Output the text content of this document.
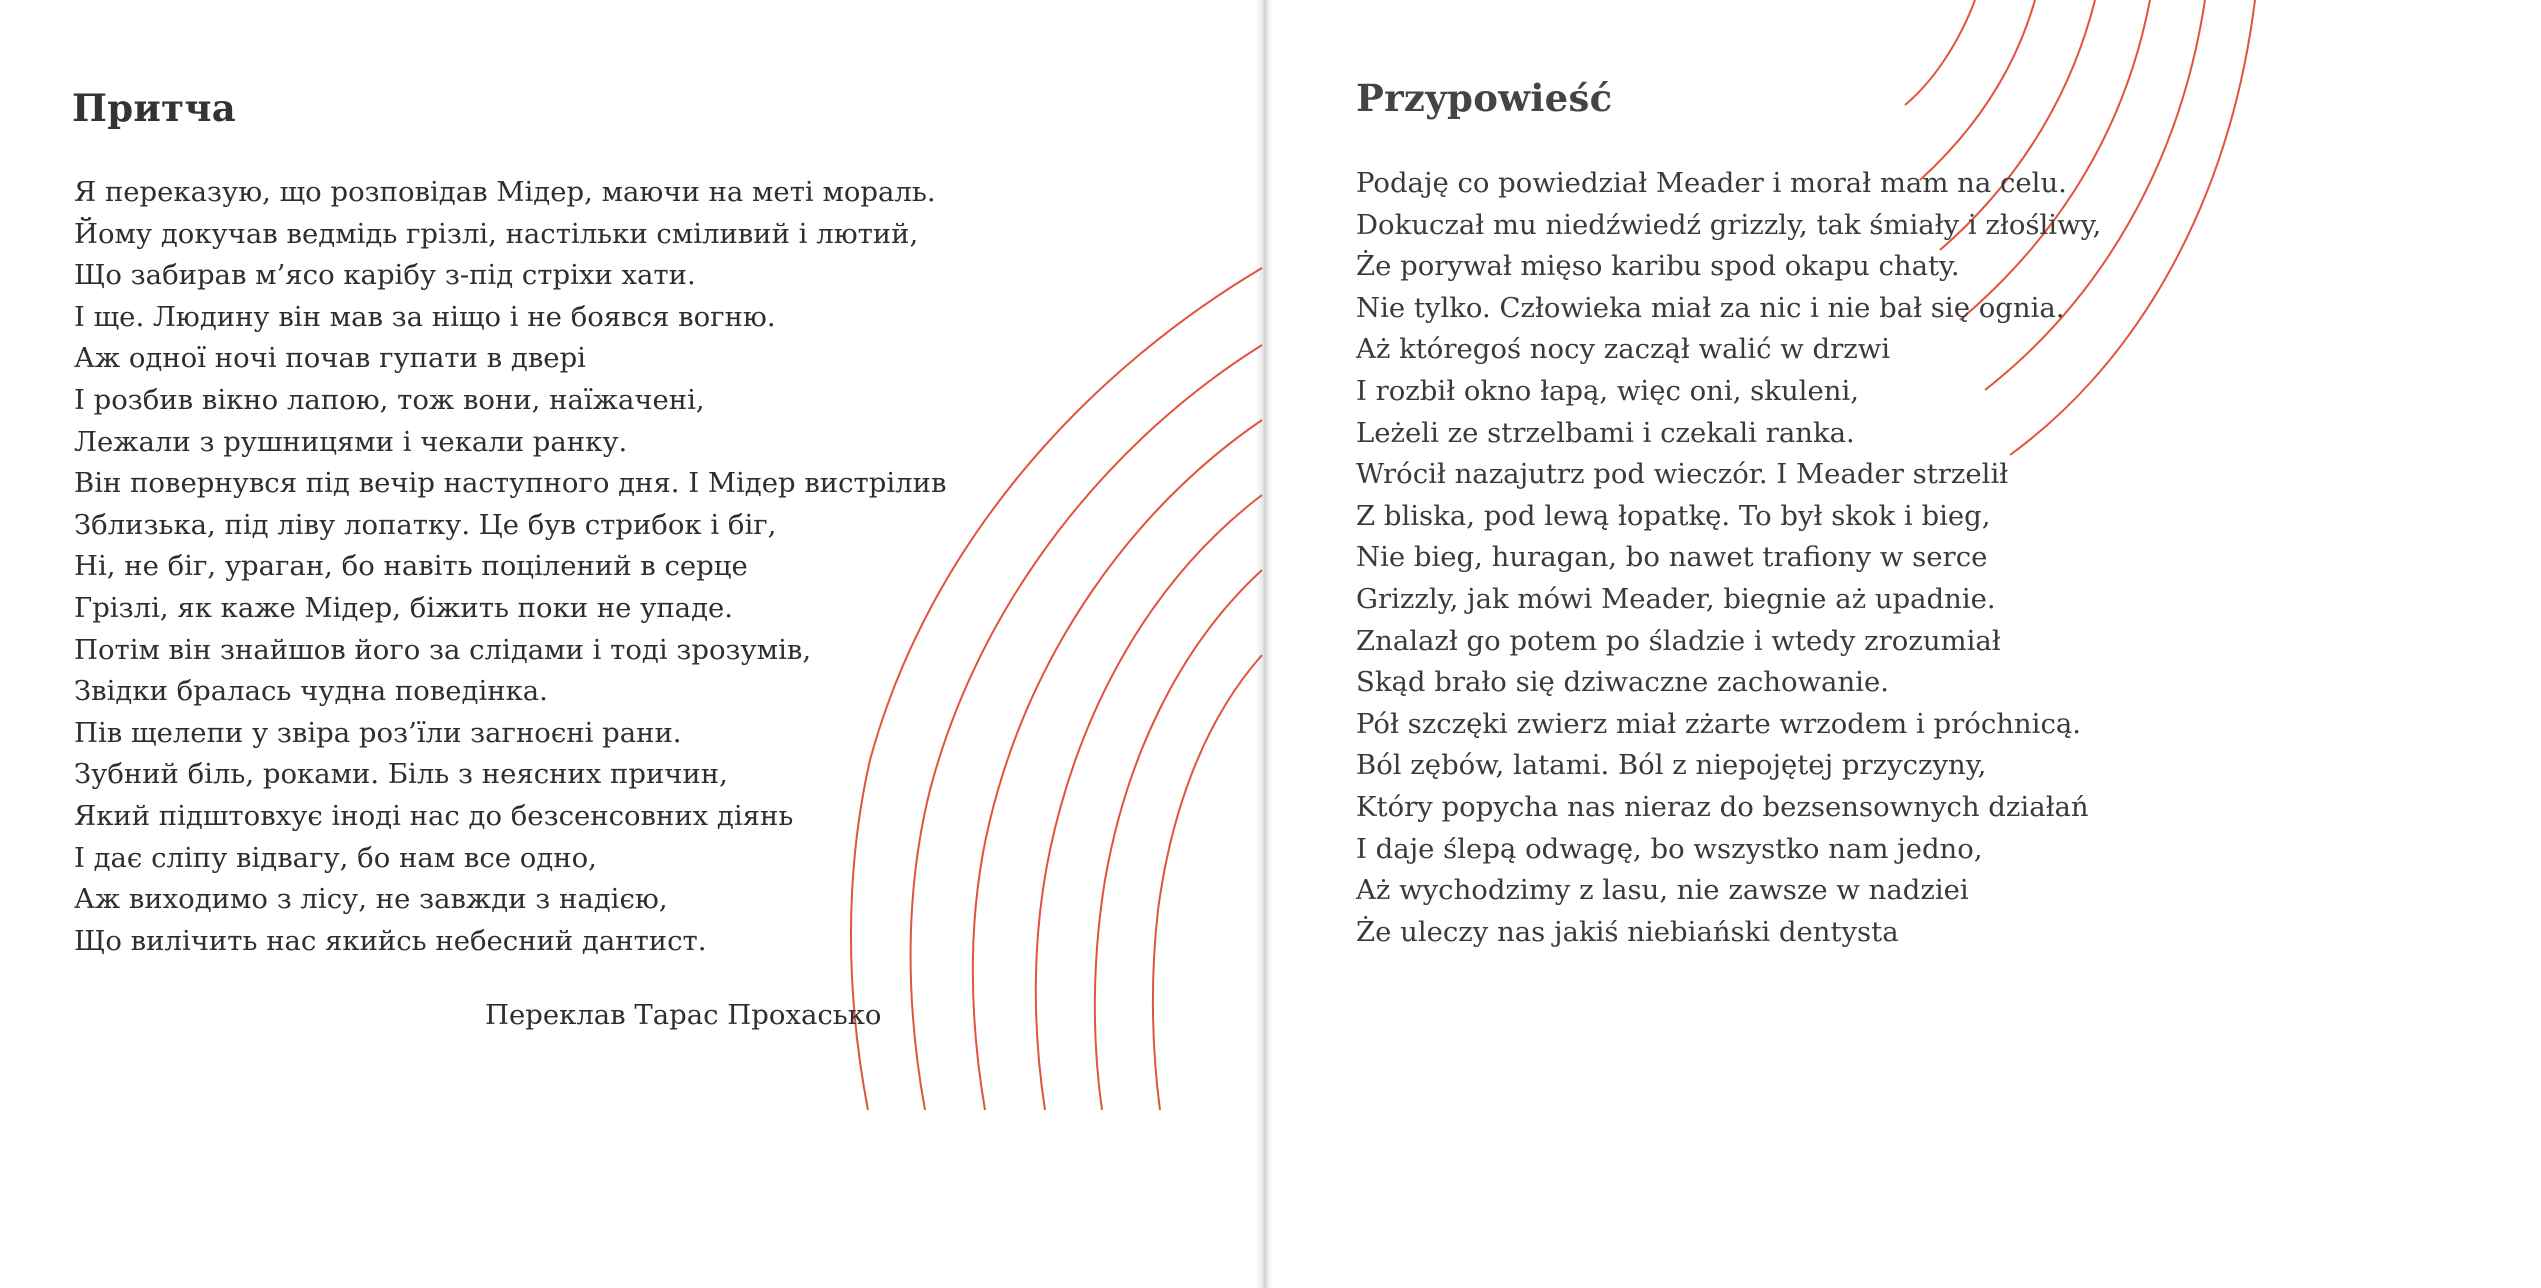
Притча
Я переказую, що розповідав Мідер, маючи на меті мораль.
Йому докучав ведмідь грізлі, настільки сміливий і лютий,
Що забирав м’ясо карібу з-під стріхи хати.
І ще. Людину він мав за ніщо і не боявся вогню.
Аж одної ночі почав гупати в двері
І розбив вікно лапою, тож вони, наїжачені,
Лежали з рушницями і чекали ранку.
Він повернувся під вечір наступного дня. І Мідер вистрілив
Зблизька, під ліву лопатку. Це був стрибок і біг,
Ні, не біг, ураган, бо навіть поцілений в серце
Грізлі, як каже Мідер, біжить поки не упаде.
Потім він знайшов його за слідами і тоді зрозумів,
Звідки бралась чудна поведінка.
Пів щелепи у звіра роз’їли загноєні рани.
Зубний біль, роками. Біль з неясних причин,
Який підштовхує іноді нас до безсенсовних діянь
І дає сліпу відвагу, бо нам все одно,
Аж виходимо з лісу, не завжди з надією,
Що вилічить нас якийсь небесний дантист.

Переклав Тарас Прохасько

Przypowieść
Podaję co powiedział Meader i morał mam na celu.
Dokuczał mu niedźwiedź grizzly, tak śmiały i złośliwy,
Że porywał mięso karibu spod okapu chaty.
Nie tylko. Człowieka miał za nic i nie bał się ognia.
Aż któregoś nocy zaczął walić w drzwi
I rozbił okno łapą, więc oni, skuleni,
Leżeli ze strzelbami i czekali ranka.
Wrócił nazajutrz pod wieczór. I Meader strzelił
Z bliska, pod lewą łopatkę. To był skok i bieg,
Nie bieg, huragan, bo nawet trafiony w serce
Grizzly, jak mówi Meader, biegnie aż upadnie.
Znalazł go potem po śladzie i wtedy zrozumiał
Skąd brało się dziwaczne zachowanie.
Pół szczęki zwierz miał zżarte wrzodem i próchnicą.
Ból zębów, latami. Ból z niepojętej przyczyny,
Który popycha nas nieraz do bezsensownych działań
I daje ślepą odwagę, bo wszystko nam jedno,
Aż wychodzimy z lasu, nie zawsze w nadziei
Że uleczy nas jakiś niebiański dentysta
